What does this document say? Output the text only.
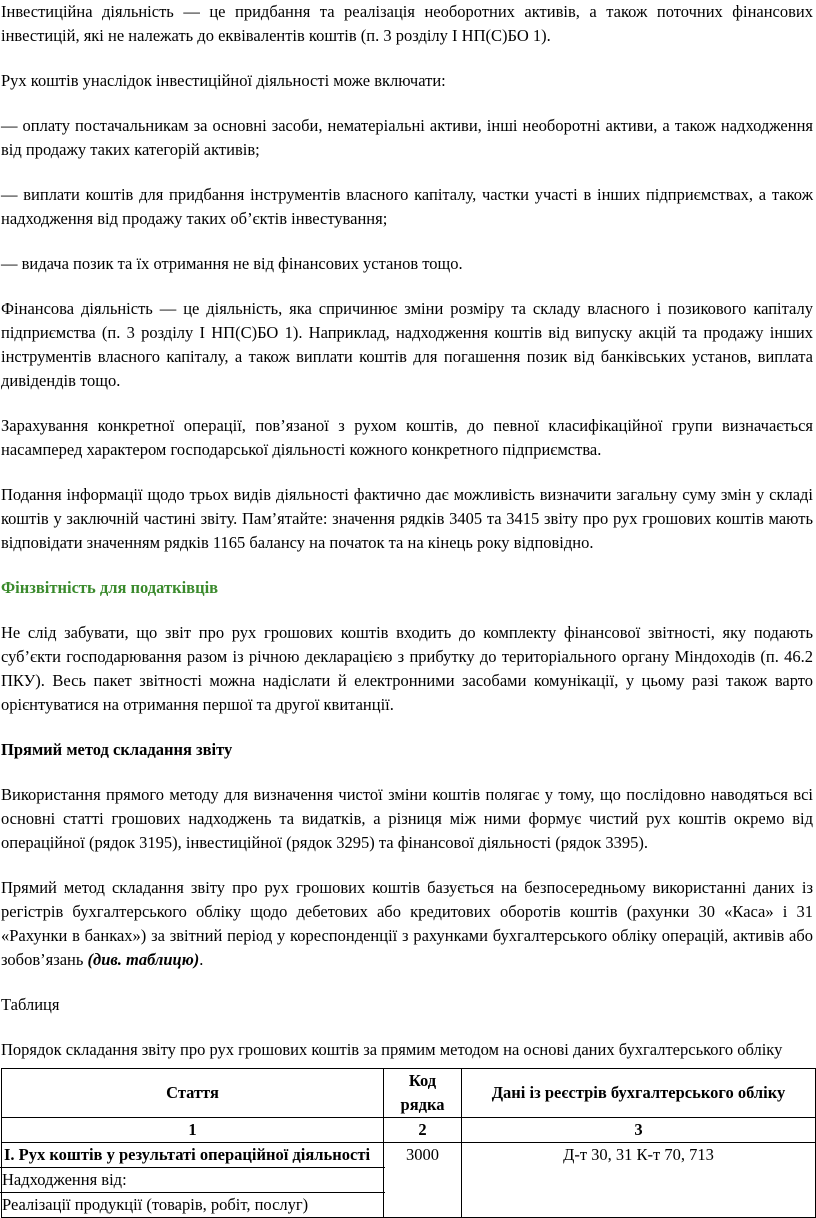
Інвестиційна діяльність — це придбання та реалізація необоротних активів, а також поточних фінансових інвестицій, які не належать до еквівалентів коштів (п. 3 розділу І НП(С)БО 1).

Рух коштів унаслідок інвестиційної діяльності може включати:

— оплату постачальникам за основні засоби, нематеріальні активи, інші необоротні активи, а також надходження від продажу таких категорій активів;

— виплати коштів для придбання інструментів власного капіталу, частки участі в інших підприємствах, а також надходження від продажу таких об’єктів інвестування;

— видача позик та їх отримання не від фінансових установ тощо.

Фінансова діяльність — це діяльність, яка спричинює зміни розміру та складу власного і позикового капіталу підприємства (п. 3 розділу І НП(С)БО 1). Наприклад, надходження коштів від випуску акцій та продажу інших інструментів власного капіталу, а також виплати коштів для погашення позик від банківських установ, виплата дивідендів тощо.

Зарахування конкретної операції, пов’язаної з рухом коштів, до певної класифікаційної групи визначається насамперед характером господарської діяльності кожного конкретного підприємства.

Подання інформації щодо трьох видів діяльності фактично дає можливість визначити загальну суму змін у складі коштів у заключній частині звіту. Пам’ятайте: значення рядків 3405 та 3415 звіту про рух грошових коштів мають відповідати значенням рядків 1165 балансу на початок та на кінець року відповідно.

Фінзвітність для податківців

Не слід забувати, що звіт про рух грошових коштів входить до комплекту фінансової звітності, яку подають суб’єкти господарювання разом із річною декларацією з прибутку до територіального органу Міндоходів (п. 46.2 ПКУ). Весь пакет звітності можна надіслати й електронними засобами комунікації, у цьому разі також варто орієнтуватися на отримання першої та другої квитанції.

Прямий метод складання звіту

Використання прямого методу для визначення чистої зміни коштів полягає у тому, що послідовно наводяться всі основні статті грошових надходжень та видатків, а різниця між ними формує чистий рух коштів окремо від операційної (рядок 3195), інвестиційної (рядок 3295) та фінансової діяльності (рядок 3395).

Прямий метод складання звіту про рух грошових коштів базується на безпосередньому використанні даних із регістрів бухгалтерського обліку щодо дебетових або кредитових оборотів коштів (рахунки 30 «Каса» і 31 «Рахунки в банках») за звітний період у кореспонденції з рахунками бухгалтерського обліку операцій, активів або зобов’язань (див. таблицю).

Таблиця

Порядок складання звіту про рух грошових коштів за прямим методом на основі даних бухгалтерського обліку

Стаття	Код рядка	Дані із реєстрів бухгалтерського обліку
1	2	3

І. Рух коштів у результаті операційної діяльності
Надходження від:
Реалізації продукції (товарів, робіт, послуг)	3000	Д-т 30, 31 К-т 70, 713
